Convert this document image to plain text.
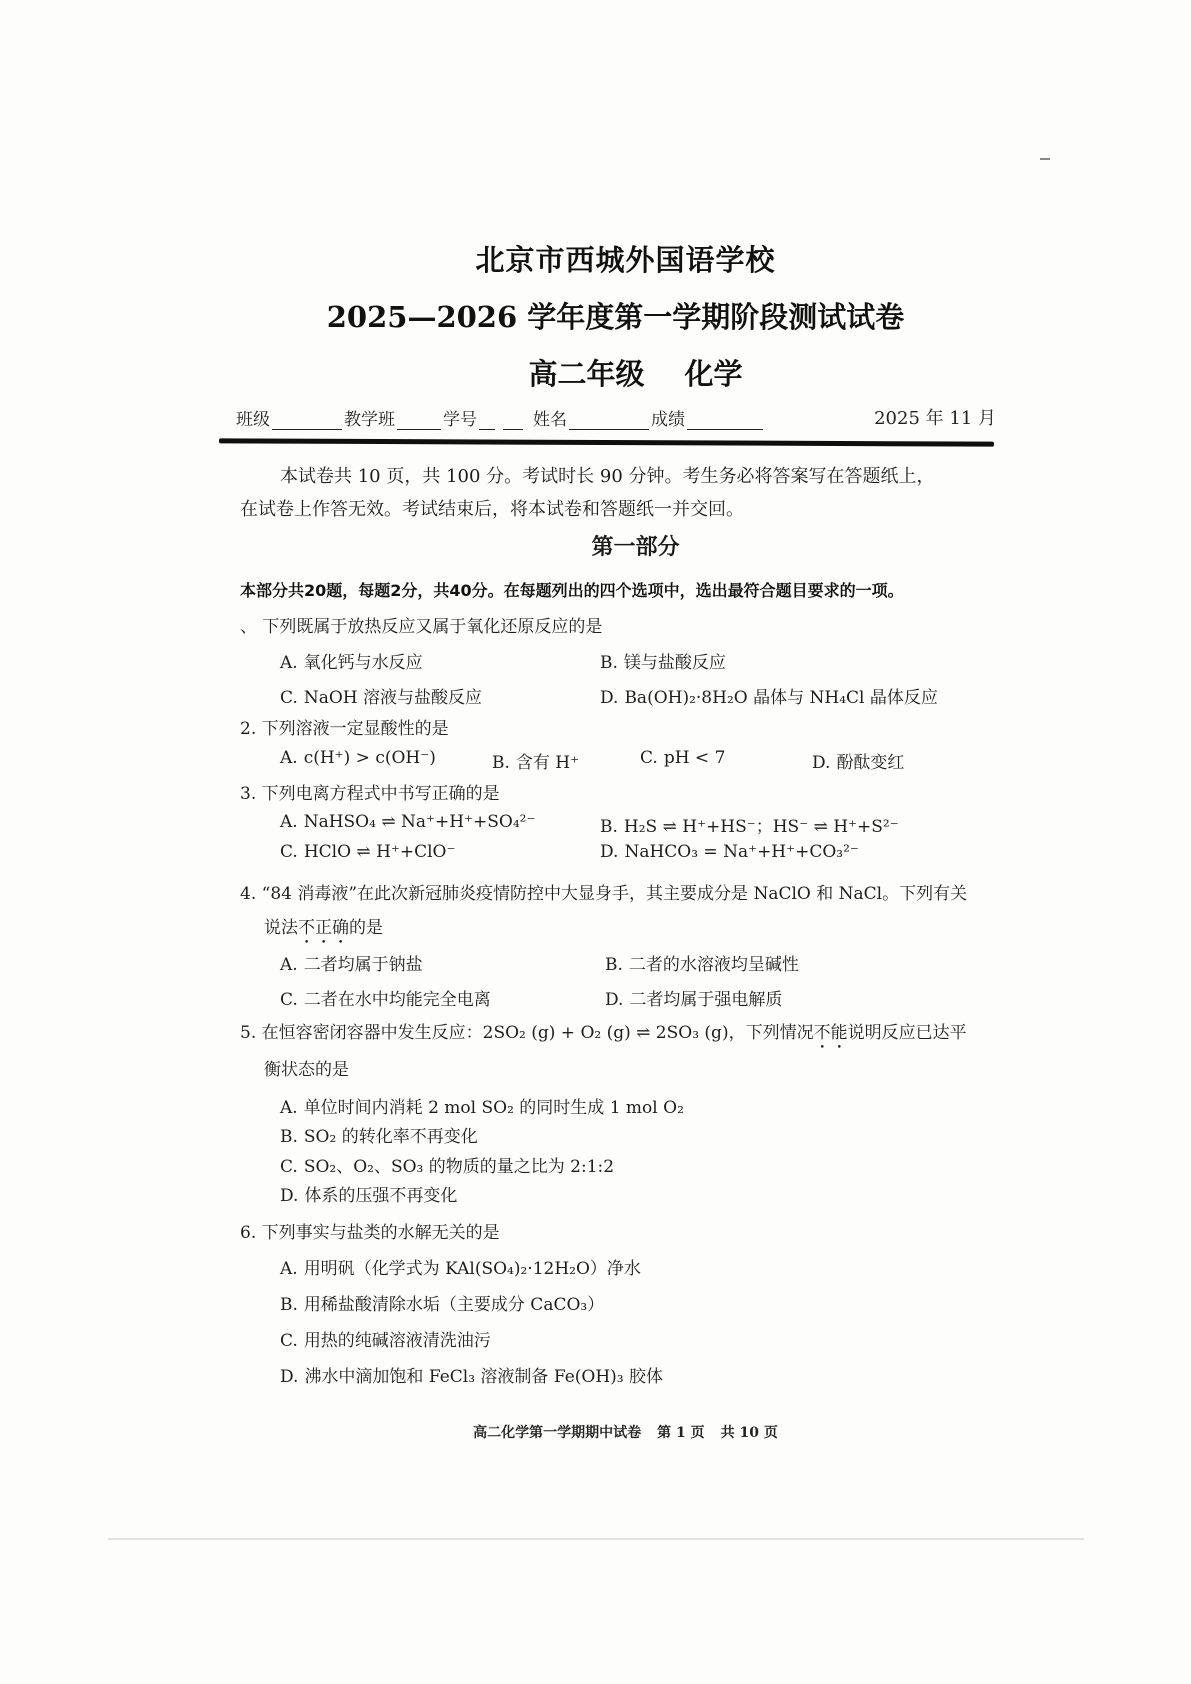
北京市西城外国语学校
2025—2026 学年度第一学期阶段测试试卷
高二年级 化学
班级	教学班	学号	姓名	成绩	2025 年 11 月
本试卷共 10 页，共 100 分。考试时长 90 分钟。考生务必将答案写在答题纸上，
在试卷上作答无效。考试结束后，将本试卷和答题纸一并交回。
第一部分
本部分共20题，每题2分，共40分。在每题列出的四个选项中，选出最符合题目要求的一项。
、 下列既属于放热反应又属于氧化还原反应的是
A. 氧化钙与水反应	B. 镁与盐酸反应
C. NaOH 溶液与盐酸反应	D. Ba(OH)₂·8H₂O 晶体与 NH₄Cl 晶体反应
2. 下列溶液一定显酸性的是
A. c(H⁺) > c(OH⁻)	B. 含有 H⁺	C. pH < 7	D. 酚酞变红
3. 下列电离方程式中书写正确的是
A. NaHSO₄ ⇌ Na⁺+H⁺+SO₄²⁻	B. H₂S ⇌ H⁺+HS⁻；HS⁻ ⇌ H⁺+S²⁻
C. HClO ⇌ H⁺+ClO⁻	D. NaHCO₃ = Na⁺+H⁺+CO₃²⁻
4. “84 消毒液”在此次新冠肺炎疫情防控中大显身手，其主要成分是 NaClO 和 NaCl。下列有关
说法不正确的是
A. 二者均属于钠盐	B. 二者的水溶液均呈碱性
C. 二者在水中均能完全电离	D. 二者均属于强电解质
5. 在恒容密闭容器中发生反应：2SO₂ (g) + O₂ (g) ⇌ 2SO₃ (g)，下列情况不能说明反应已达平
衡状态的是
A. 单位时间内消耗 2 mol SO₂ 的同时生成 1 mol O₂
B. SO₂ 的转化率不再变化
C. SO₂、O₂、SO₃ 的物质的量之比为 2:1:2
D. 体系的压强不再变化
6. 下列事实与盐类的水解无关的是
A. 用明矾（化学式为 KAl(SO₄)₂·12H₂O）净水
B. 用稀盐酸清除水垢（主要成分 CaCO₃）
C. 用热的纯碱溶液清洗油污
D. 沸水中滴加饱和 FeCl₃ 溶液制备 Fe(OH)₃ 胶体
高二化学第一学期期中试卷 第 1 页 共 10 页
